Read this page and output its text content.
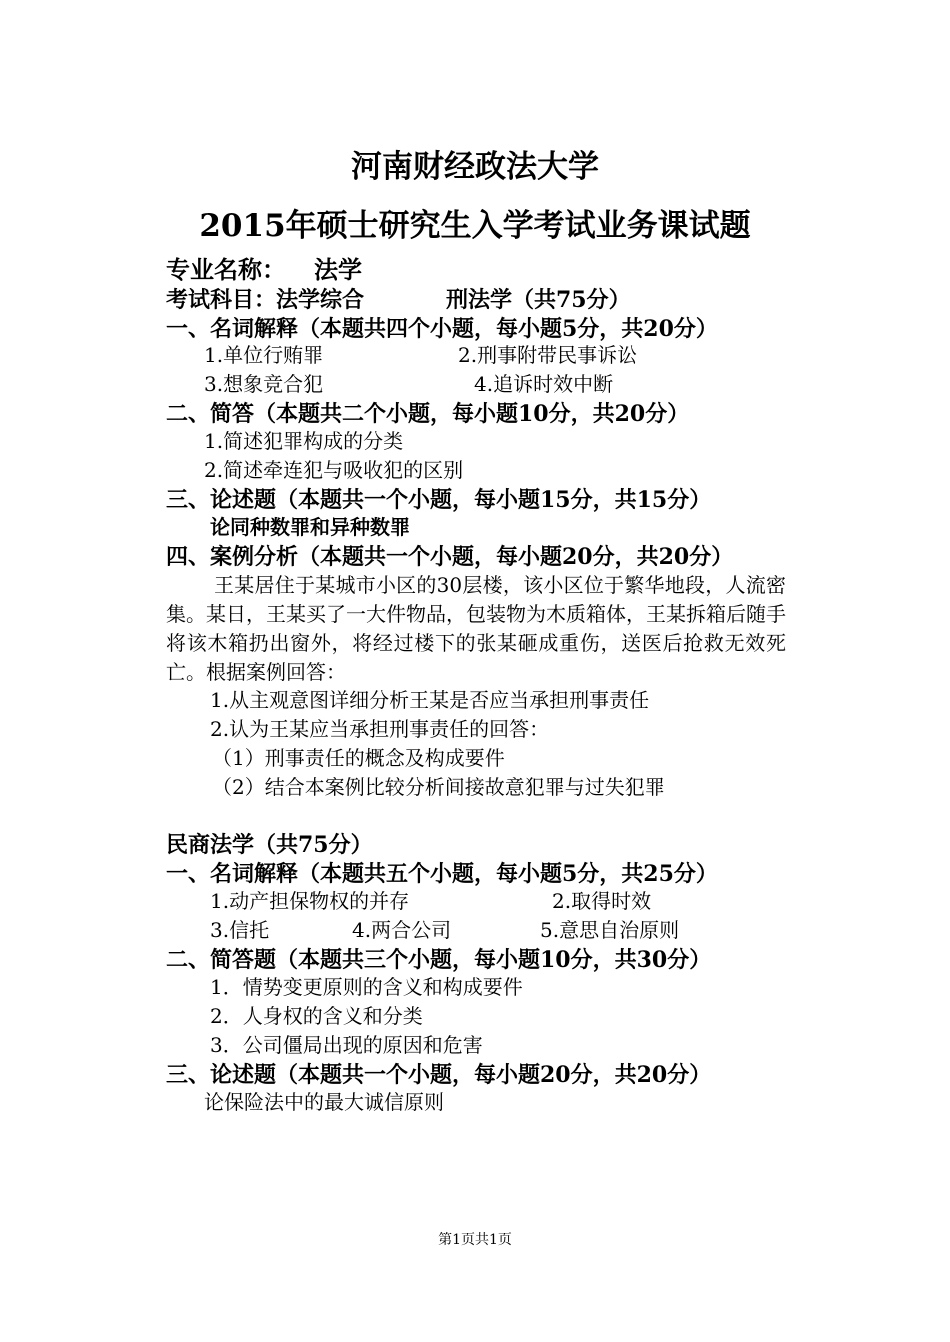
河南财经政法大学
2015年硕士研究生入学考试业务课试题
专业名称： 法学
考试科目：法学综合	刑法学（共75分）
一、名词解释（本题共四个小题，每小题5分，共20分）
1.单位行贿罪	2.刑事附带民事诉讼
3.想象竞合犯	4.追诉时效中断
二、简答（本题共二个小题，每小题10分，共20分）
1.简述犯罪构成的分类
2.简述牵连犯与吸收犯的区别
三、论述题（本题共一个小题，每小题15分，共15分）
论同种数罪和异种数罪
四、案例分析（本题共一个小题，每小题20分，共20分）

王某居住于某城市小区的30层楼，该小区位于繁华地段，人流密集。某日，王某买了一大件物品，包装物为木质箱体，王某拆箱后随手将该木箱扔出窗外，将经过楼下的张某砸成重伤，送医后抢救无效死亡。根据案例回答：

1.从主观意图详细分析王某是否应当承担刑事责任
2.认为王某应当承担刑事责任的回答：
（1）刑事责任的概念及构成要件
（2）结合本案例比较分析间接故意犯罪与过失犯罪
民商法学（共75分）
一、名词解释（本题共五个小题，每小题5分，共25分）
1.动产担保物权的并存	2.取得时效
3.信托	4.两合公司	5.意思自治原则
二、简答题（本题共三个小题，每小题10分，共30分）
1．情势变更原则的含义和构成要件
2．人身权的含义和分类
3．公司僵局出现的原因和危害
三、论述题（本题共一个小题，每小题20分，共20分）
论保险法中的最大诚信原则
第1页共1页
